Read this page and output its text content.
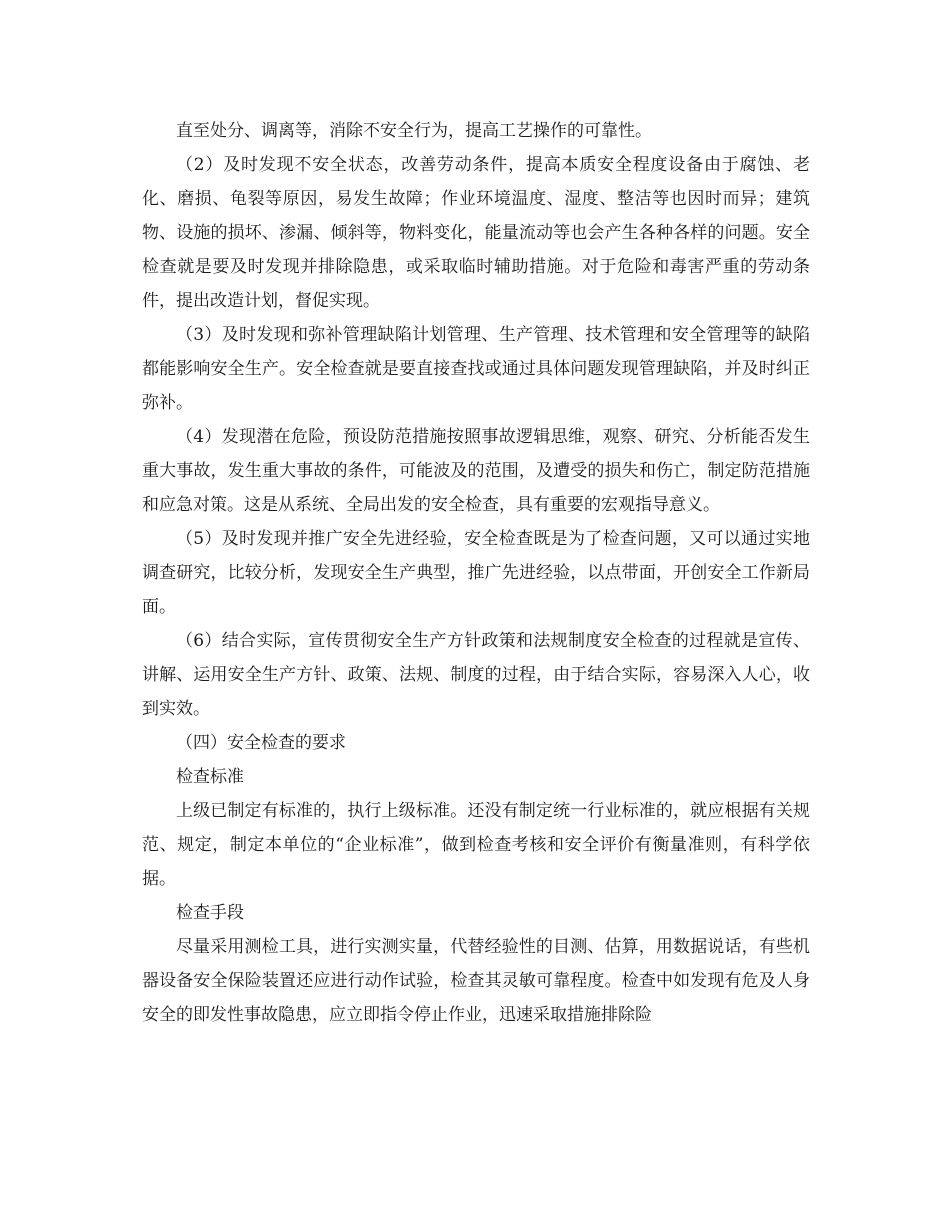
直至处分、调离等，消除不安全行为，提高工艺操作的可靠性。

（2）及时发现不安全状态，改善劳动条件，提高本质安全程度设备由于腐蚀、老化、磨损、龟裂等原因，易发生故障；作业环境温度、湿度、整洁等也因时而异；建筑物、设施的损坏、渗漏、倾斜等，物料变化，能量流动等也会产生各种各样的问题。安全检查就是要及时发现并排除隐患，或采取临时辅助措施。对于危险和毒害严重的劳动条件，提出改造计划，督促实现。

（3）及时发现和弥补管理缺陷计划管理、生产管理、技术管理和安全管理等的缺陷都能影响安全生产。安全检查就是要直接查找或通过具体问题发现管理缺陷，并及时纠正弥补。

（4）发现潜在危险，预设防范措施按照事故逻辑思维，观察、研究、分析能否发生重大事故，发生重大事故的条件，可能波及的范围，及遭受的损失和伤亡，制定防范措施和应急对策。这是从系统、全局出发的安全检查，具有重要的宏观指导意义。

（5）及时发现并推广安全先进经验，安全检查既是为了检查问题，又可以通过实地调查研究，比较分析，发现安全生产典型，推广先进经验，以点带面，开创安全工作新局面。

（6）结合实际，宣传贯彻安全生产方针政策和法规制度安全检查的过程就是宣传、讲解、运用安全生产方针、政策、法规、制度的过程，由于结合实际，容易深入人心，收到实效。

（四）安全检查的要求

检查标准

上级已制定有标准的，执行上级标准。还没有制定统一行业标准的，就应根据有关规范、规定，制定本单位的“企业标准”，做到检查考核和安全评价有衡量准则，有科学依据。

检查手段

尽量采用测检工具，进行实测实量，代替经验性的目测、估算，用数据说话，有些机器设备安全保险装置还应进行动作试验，检查其灵敏可靠程度。检查中如发现有危及人身安全的即发性事故隐患，应立即指令停止作业，迅速采取措施排除险
